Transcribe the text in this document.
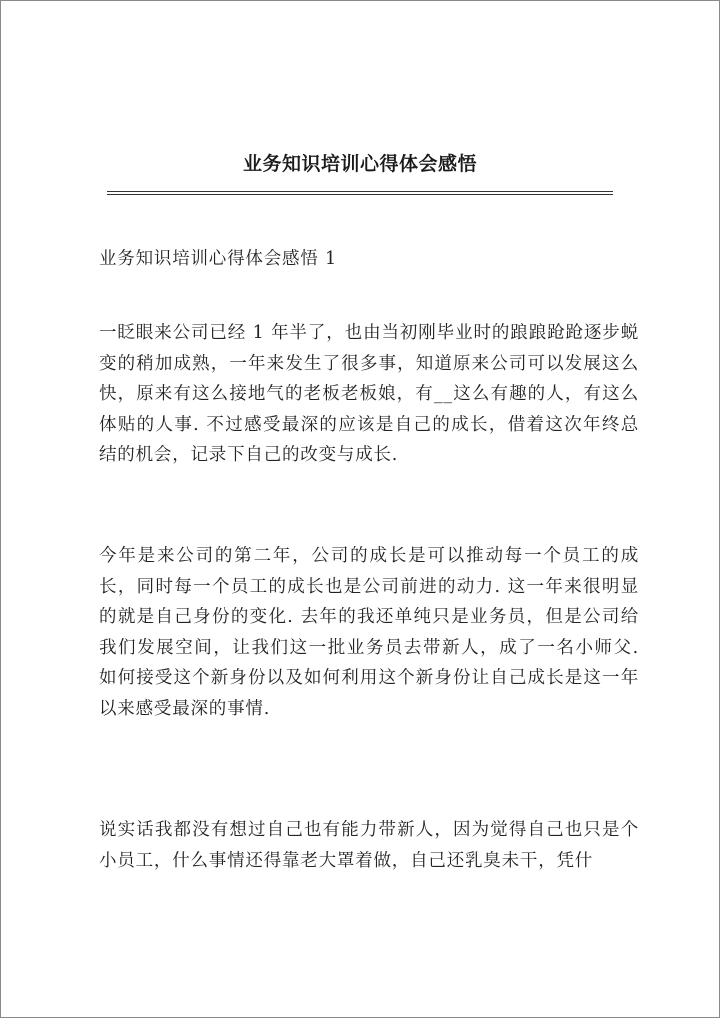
业务知识培训心得体会感悟
业务知识培训心得体会感悟 1

一眨眼来公司已经 1 年半了，也由当初刚毕业时的踉踉跄跄逐步蜕变的稍加成熟，一年来发生了很多事，知道原来公司可以发展这么快，原来有这么接地气的老板老板娘，有__这么有趣的人，有这么体贴的人事. 不过感受最深的应该是自己的成长，借着这次年终总结的机会，记录下自己的改变与成长.

今年是来公司的第二年，公司的成长是可以推动每一个员工的成长，同时每一个员工的成长也是公司前进的动力. 这一年来很明显的就是自己身份的变化. 去年的我还单纯只是业务员，但是公司给我们发展空间，让我们这一批业务员去带新人，成了一名小师父. 如何接受这个新身份以及如何利用这个新身份让自己成长是这一年以来感受最深的事情.

说实话我都没有想过自己也有能力带新人，因为觉得自己也只是个小员工，什么事情还得靠老大罩着做，自己还乳臭未干，凭什
